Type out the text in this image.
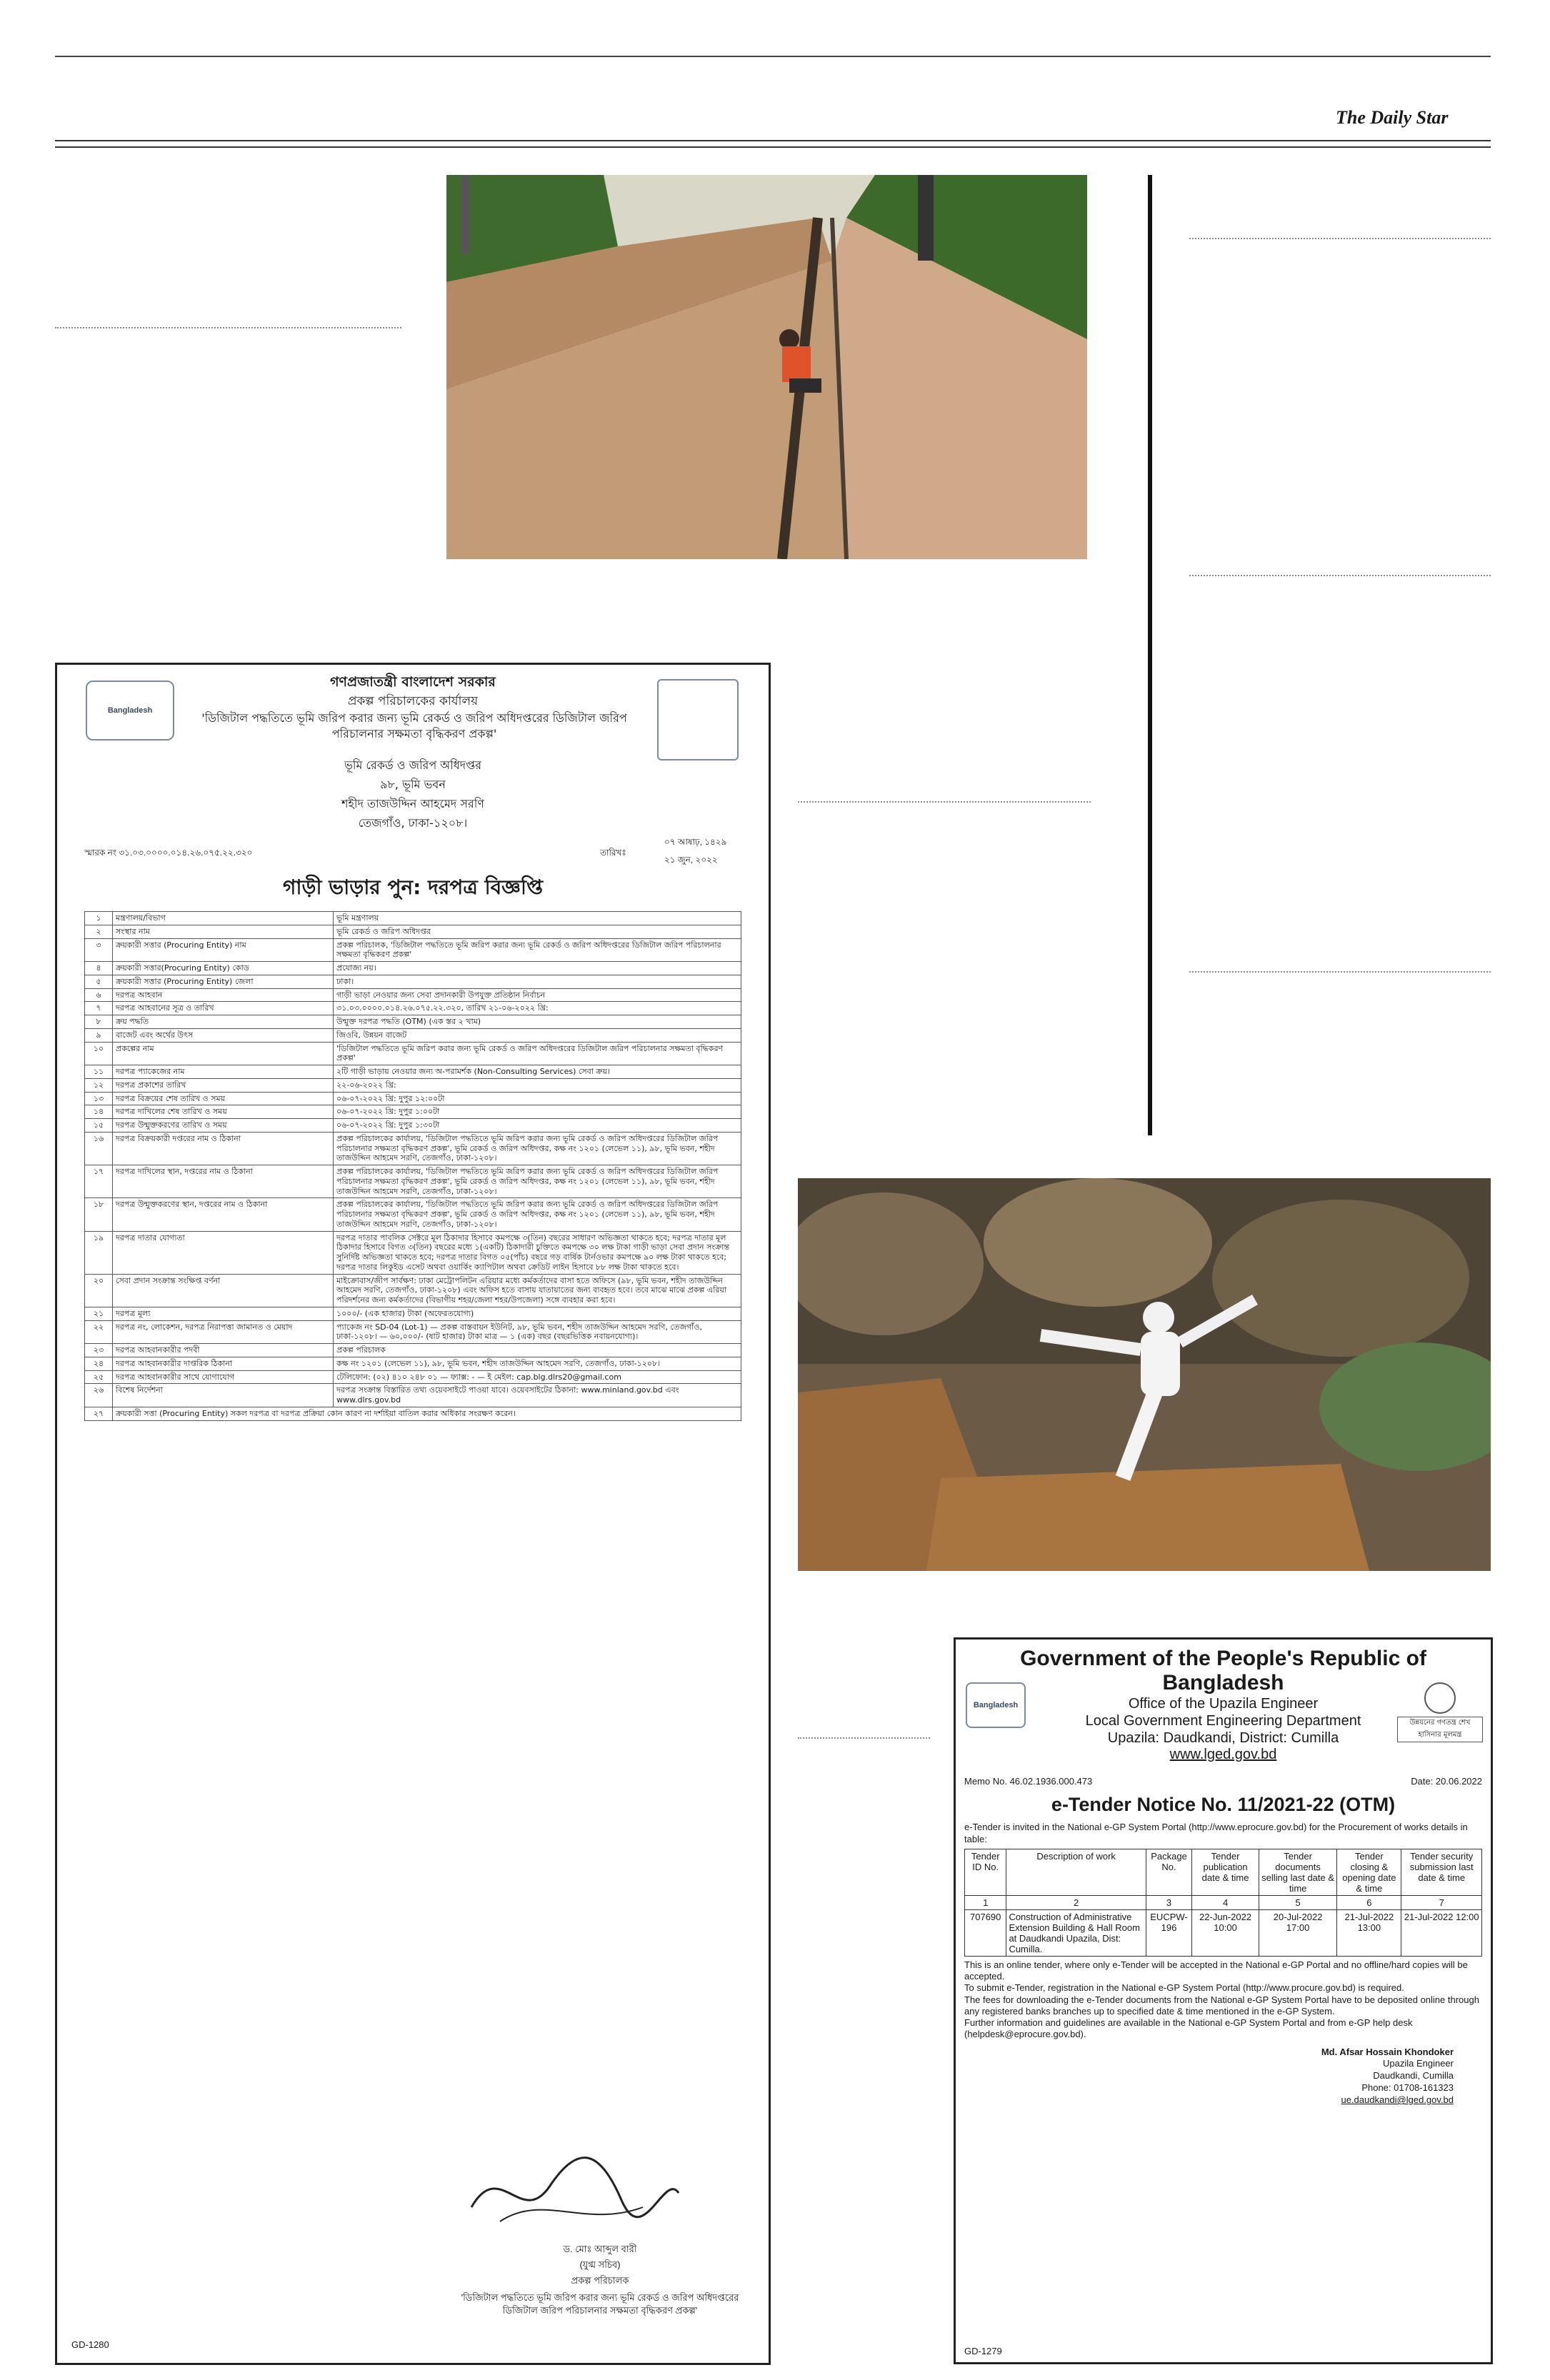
The Daily Star
Bangladesh
গণপ্রজাতন্ত্রী বাংলাদেশ সরকার
প্রকল্প পরিচালকের কার্যালয়
'ডিজিটাল পদ্ধতিতে ভূমি জরিপ করার জন্য ভূমি রেকর্ড ও জরিপ অধিদপ্তরের ডিজিটাল জরিপ পরিচালনার সক্ষমতা বৃদ্ধিকরণ প্রকল্প'
ভূমি রেকর্ড ও জরিপ অধিদপ্তর
৯৮, ভূমি ভবন
শহীদ তাজউদ্দিন আহমেদ সরণি
তেজগাঁও, ঢাকা-১২০৮।
স্মারক নং ৩১.০৩.০০০০.০১৪.২৬.০৭৫.২২.৩২০	তারিখঃ
০৭ আষাঢ়, ১৪২৯
২১ জুন, ২০২২
গাড়ী ভাড়ার পুন: দরপত্র বিজ্ঞপ্তি
১	মন্ত্রণালয়/বিভাগ	ভূমি মন্ত্রণালয়
২	সংস্থার নাম	ভূমি রেকর্ড ও জরিপ অধিদপ্তর
৩	ক্রয়কারী সত্তার (Procuring Entity) নাম	প্রকল্প পরিচালক, 'ডিজিটাল পদ্ধতিতে ভূমি জরিপ করার জন্য ভূমি রেকর্ড ও জরিপ অধিদপ্তরের ডিজিটাল জরিপ পরিচালনার সক্ষমতা বৃদ্ধিকরণ প্রকল্প'
৪	ক্রয়কারী সত্তার(Procuring Entity) কোড	প্রযোজ্য নয়।
৫	ক্রয়কারী সত্তার (Procuring Entity) জেলা	ঢাকা।
৬	দরপত্র আহবান	গাড়ী ভাড়া নেওয়ার জন্য সেবা প্রদানকারী উপযুক্ত প্রতিষ্ঠান নির্বাচন
৭	দরপত্র আহবানের সূত্র ও তারিখ	৩১.০৩.০০০০.০১৪.২৬.০৭৫.২২.৩২০, তারিখ ২১-০৬-২০২২ খ্রি:
৮	ক্রয় পদ্ধতি	উন্মুক্ত দরপত্র পদ্ধতি (OTM) (এক স্তর ২ খাম)
৯	বাজেট এবং অর্থের উৎস	জিওবি, উন্নয়ন বাজেট
১০	প্রকল্পের নাম	'ডিজিটাল পদ্ধতিতে ভূমি জরিপ করার জন্য ভূমি রেকর্ড ও জরিপ অধিদপ্তরের ডিজিটাল জরিপ পরিচালনার সক্ষমতা বৃদ্ধিকরণ প্রকল্প'
১১	দরপত্র প্যাকেজের নাম	২টি গাড়ী ভাড়ায় নেওয়ার জন্য অ-পরামর্শক (Non-Consulting Services) সেবা ক্রয়।
১২	দরপত্র প্রকাশের তারিখ	২২-০৬-২০২২ খ্রি:
১৩	দরপত্র বিক্রয়ের শেষ তারিখ ও সময়	০৬-০৭-২০২২ খ্রি: দুপুর ১২:০০টা
১৪	দরপত্র দাখিলের শেষ তারিখ ও সময়	০৬-০৭-২০২২ খ্রি: দুপুর ১:০০টা
১৫	দরপত্র উন্মুক্তকরণের তারিখ ও সময়	০৬-০৭-২০২২ খ্রি: দুপুর ১:৩০টা
১৬	দরপত্র বিক্রয়কারী দপ্তরের নাম ও ঠিকানা	প্রকল্প পরিচালকের কার্যালয়, 'ডিজিটাল পদ্ধতিতে ভূমি জরিপ করার জন্য ভূমি রেকর্ড ও জরিপ অধিদপ্তরের ডিজিটাল জরিপ পরিচালনার সক্ষমতা বৃদ্ধিকরণ প্রকল্প', ভূমি রেকর্ড ও জরিপ অধিদপ্তর, কক্ষ নং ১২০১ (লেভেল ১১), ৯৮, ভূমি ভবন, শহীদ তাজউদ্দিন আহমেদ সরণি, তেজগাঁও, ঢাকা-১২০৮।
১৭	দরপত্র দাখিলের স্থান, দপ্তরের নাম ও ঠিকানা	প্রকল্প পরিচালকের কার্যালয়, 'ডিজিটাল পদ্ধতিতে ভূমি জরিপ করার জন্য ভূমি রেকর্ড ও জরিপ অধিদপ্তরের ডিজিটাল জরিপ পরিচালনার সক্ষমতা বৃদ্ধিকরণ প্রকল্প', ভূমি রেকর্ড ও জরিপ অধিদপ্তর, কক্ষ নং ১২০১ (লেভেল ১১), ৯৮, ভূমি ভবন, শহীদ তাজউদ্দিন আহমেদ সরণি, তেজগাঁও, ঢাকা-১২০৮।
১৮	দরপত্র উন্মুক্তকরণের স্থান, দপ্তরের নাম ও ঠিকানা	প্রকল্প পরিচালকের কার্যালয়, 'ডিজিটাল পদ্ধতিতে ভূমি জরিপ করার জন্য ভূমি রেকর্ড ও জরিপ অধিদপ্তরের ডিজিটাল জরিপ পরিচালনার সক্ষমতা বৃদ্ধিকরণ প্রকল্প', ভূমি রেকর্ড ও জরিপ অধিদপ্তর, কক্ষ নং ১২০১ (লেভেল ১১), ৯৮, ভূমি ভবন, শহীদ তাজউদ্দিন আহমেদ সরণি, তেজগাঁও, ঢাকা-১২০৮।
১৯	দরপত্র দাতার যোগ্যতা	দরপত্র দাতার পাবলিক সেক্টরে মূল ঠিকাদার হিসাবে কমপক্ষে ৩(তিন) বছরের সাধারণ অভিজ্ঞতা থাকতে হবে; দরপত্র দাতার মূল ঠিকাদার হিসাবে বিগত ৩(তিন) বছরের মধ্যে ১(একটি) ঠিকাদারী চুক্তিতে কমপক্ষে ৩০ লক্ষ টাকা গাড়ী ভাড়া সেবা প্রদান সংক্রান্ত সুনির্দিষ্ট অভিজ্ঞতা থাকতে হবে; দরপত্র দাতার বিগত ০৫(পাঁচ) বছরে গড় বার্ষিক টার্নওভার কমপক্ষে ৯০ লক্ষ টাকা থাকতে হবে; দরপত্র দাতার লিকুইড এসেট অথবা ওয়ার্কিং ক্যাপিটাল অথবা ক্রেডিট লাইন হিসাবে ৮৮ লক্ষ টাকা থাকতে হবে।
২০	সেবা প্রদান সংক্রান্ত সংক্ষিপ্ত বর্ণনা	মাইক্রোবাস/জীপ সার্বক্ষণ: ঢাকা মেট্রোপলিটন এরিয়ার মধ্যে কর্মকর্তাদের বাসা হতে অফিসে (৯৮, ভূমি ভবন, শহীদ তাজউদ্দিন আহমেদ সরণি, তেজগাঁও, ঢাকা-১২০৮) এবং অফিস হতে বাসায় যাতায়াতের জন্য ব্যবহৃত হবে। তবে মাঝে মাঝে প্রকল্প এরিয়া পরিদর্শনের জন্য কর্মকর্তাদের (বিভাগীয় শহর/জেলা শহর/উপজেলা) সঙ্গে ব্যবহার করা হবে।
২১	দরপত্র মূল্য	১০০০/- (এক হাজার) টাকা (অফেরতযোগ্য)
২২	দরপত্র নং, লোকেশন, দরপত্র নিরাপত্তা জামানত ও মেয়াদ	প্যাকেজ নং SD-04 (Lot-1) — প্রকল্প বাস্তবায়ন ইউনিট, ৯৮, ভূমি ভবন, শহীদ তাজউদ্দিন আহমেদ সরণি, তেজগাঁও, ঢাকা-১২০৮। — ৬০,০০০/- (ষাট হাজার) টাকা মাত্র — ১ (এক) বছর (বছরভিত্তিক নবায়নযোগ্য)।
২৩	দরপত্র আহবানকারীর পদবী	প্রকল্প পরিচালক
২৪	দরপত্র আহবানকারীর দাপ্তরিক ঠিকানা	কক্ষ নং ১২০১ (লেভেল ১১), ৯৮, ভূমি ভবন, শহীদ তাজউদ্দিন আহমেদ সরণি, তেজগাঁও, ঢাকা-১২০৮।
২৫	দরপত্র আহবানকারীর সাথে যোগাযোগ	টেলিফোন: (০২) ৪১০ ২৪৮ ০১ — ফ্যাক্স: - — ই মেইল: cap.blg.dlrs20@gmail.com
২৬	বিশেষ নির্দেশনা	দরপত্র সংক্রান্ত বিস্তারিত তথ্য ওয়েবসাইটে পাওয়া যাবে। ওয়েবসাইটের ঠিকানা: www.minland.gov.bd এবং www.dlrs.gov.bd
২৭	ক্রয়কারী সত্তা (Procuring Entity) সকল দরপত্র বা দরপত্র প্রক্রিয়া কোন কারণ না দর্শাইয়া বাতিল করার অধিকার সংরক্ষণ করেন।	
ড. মোঃ আব্দুল বারী
(যুগ্ম সচিব)
প্রকল্প পরিচালক
'ডিজিটাল পদ্ধতিতে ভূমি জরিপ করার জন্য ভূমি রেকর্ড ও জরিপ অধিদপ্তরের ডিজিটাল জরিপ পরিচালনার সক্ষমতা বৃদ্ধিকরণ প্রকল্প'
GD-1280
Bangladesh
উন্নয়নের গণতন্ত্র শেখ হাসিনার মূলমন্ত্র
Government of the People's Republic of Bangladesh
Office of the Upazila Engineer
Local Government Engineering Department
Upazila: Daudkandi, District: Cumilla
www.lged.gov.bd
Memo No. 46.02.1936.000.473	Date: 20.06.2022
e-Tender Notice No. 11/2021-22 (OTM)
e-Tender is invited in the National e-GP System Portal (http://www.eprocure.gov.bd) for the Procurement of works details in table:
Tender ID No.	Description of work	Package No.	Tender publication date & time	Tender documents selling last date & time	Tender closing & opening date & time	Tender security submission last date & time
1	2	3	4	5	6	7
707690	Construction of Administrative Extension Building & Hall Room at Daudkandi Upazila, Dist: Cumilla.	EUCPW-196	22-Jun-2022 10:00	20-Jul-2022 17:00	21-Jul-2022 13:00	21-Jul-2022 12:00
This is an online tender, where only e-Tender will be accepted in the National e-GP Portal and no offline/hard copies will be accepted.
To submit e-Tender, registration in the National e-GP System Portal (http://www.procure.gov.bd) is required.
The fees for downloading the e-Tender documents from the National e-GP System Portal have to be deposited online through any registered banks branches up to specified date & time mentioned in the e-GP System.
Further information and guidelines are available in the National e-GP System Portal and from e-GP help desk (helpdesk@eprocure.gov.bd).
Md. Afsar Hossain Khondoker
Upazila Engineer
Daudkandi, Cumilla
Phone: 01708-161323
ue.daudkandi@lged.gov.bd
GD-1279
